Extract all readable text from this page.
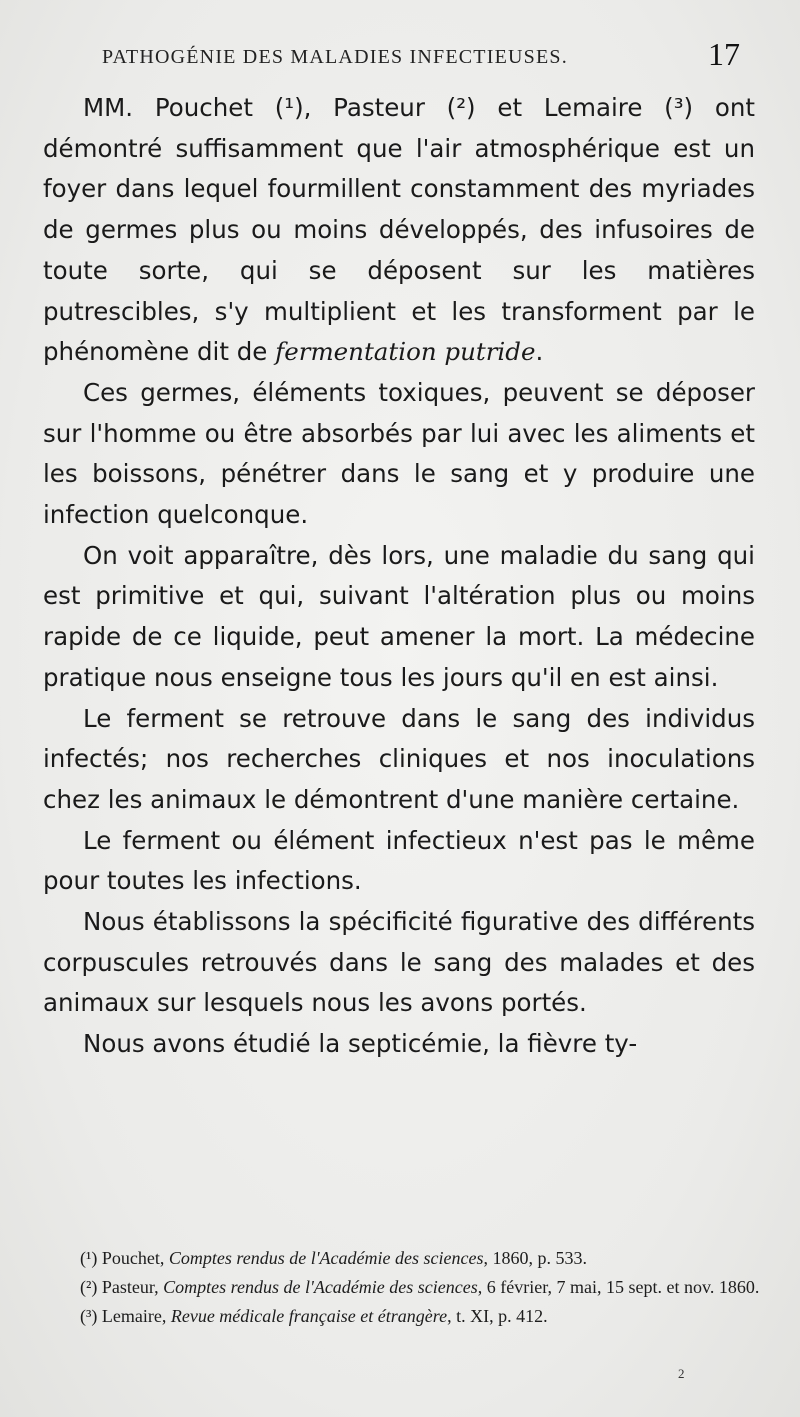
PATHOGÉNIE DES MALADIES INFECTIEUSES.	17

MM. Pouchet (¹), Pasteur (²) et Lemaire (³) ont démontré suffisamment que l'air atmosphérique est un foyer dans lequel fourmillent constamment des myriades de germes plus ou moins développés, des infusoires de toute sorte, qui se déposent sur les matières putrescibles, s'y multiplient et les transforment par le phénomène dit de fermentation putride.

Ces germes, éléments toxiques, peuvent se déposer sur l'homme ou être absorbés par lui avec les aliments et les boissons, pénétrer dans le sang et y produire une infection quelconque.

On voit apparaître, dès lors, une maladie du sang qui est primitive et qui, suivant l'altération plus ou moins rapide de ce liquide, peut amener la mort. La médecine pratique nous enseigne tous les jours qu'il en est ainsi.

Le ferment se retrouve dans le sang des individus infectés; nos recherches cliniques et nos inoculations chez les animaux le démontrent d'une manière certaine.

Le ferment ou élément infectieux n'est pas le même pour toutes les infections.

Nous établissons la spécificité figurative des différents corpuscules retrouvés dans le sang des malades et des animaux sur lesquels nous les avons portés.

Nous avons étudié la septicémie, la fièvre ty-

(¹) Pouchet, Comptes rendus de l'Académie des sciences, 1860, p. 533.

(²) Pasteur, Comptes rendus de l'Académie des sciences, 6 février, 7 mai, 15 sept. et nov. 1860.

(³) Lemaire, Revue médicale française et étrangère, t. XI, p. 412.

2
